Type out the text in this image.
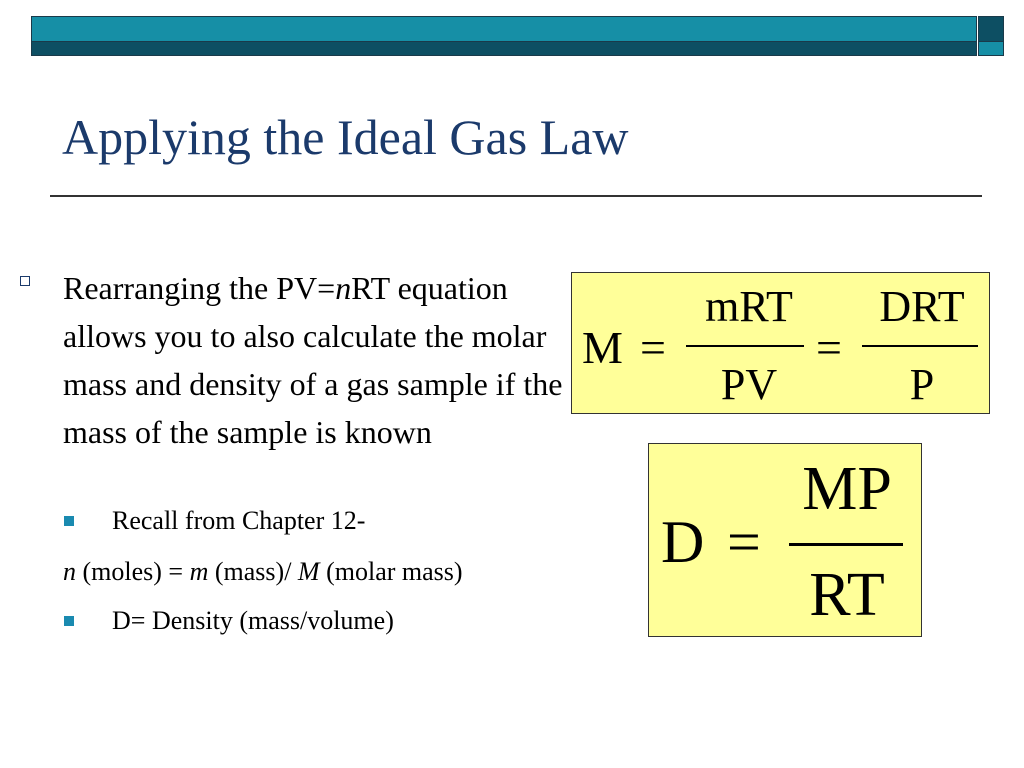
Applying the Ideal Gas Law
Rearranging the PV=nRT equation allows you to also calculate the molar mass and density of a gas sample if the mass of the sample is known
Recall from Chapter 12-
n (moles) = m (mass)/ M (molar mass)
D= Density (mass/volume)
M =
mRT
PV
=
DRT
P
D =
MP
RT
